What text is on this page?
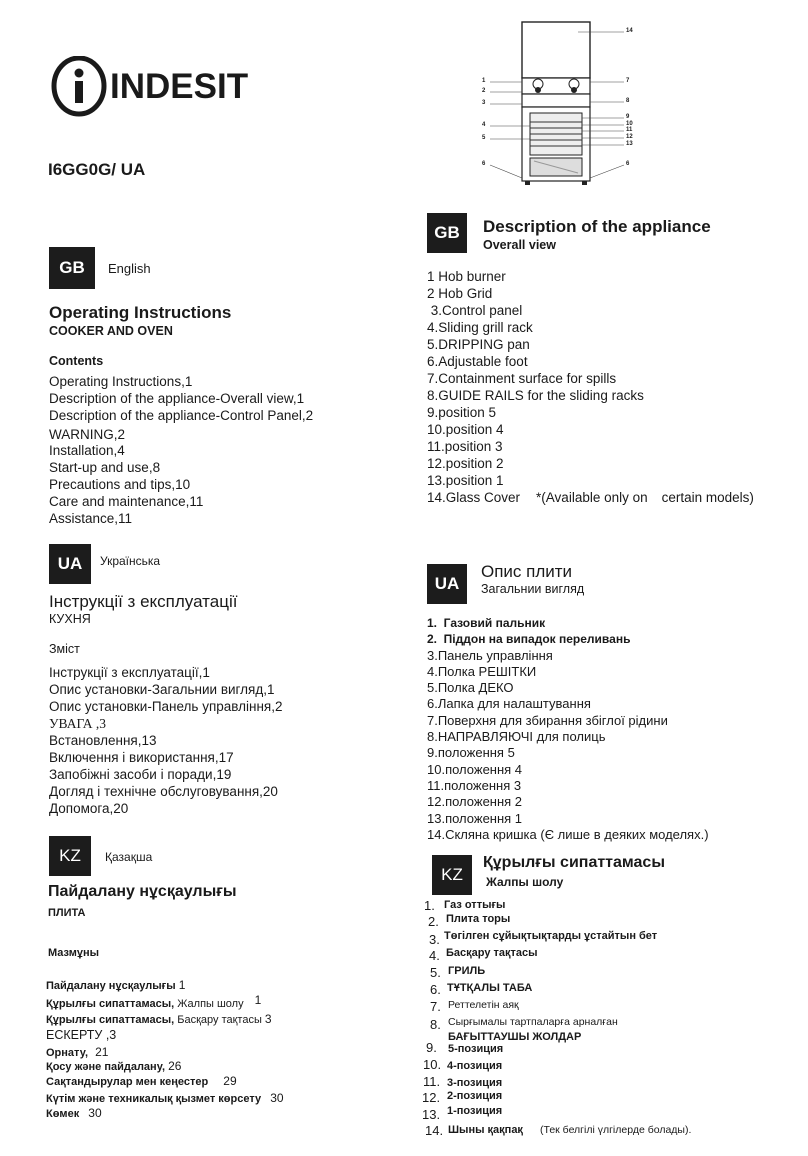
INDESIT
I6GG0G/ UA
GB	English
Operating Instructions
COOKER AND OVEN
Contents
Operating Instructions,1
Description of the appliance-Overall view,1
Description of the appliance-Control Panel,2
WARNING,2
Installation,4
Start-up and use,8
Precautions and tips,10
Care and maintenance,11
Assistance,11
UA	Українська
Інструкції з експлуатації
КУХНЯ
Зміст
Інструкції з експлуатації,1
Опис установки-Загальнии вигляд,1
Опис установки-Панель управління,2
УВАГА ,3
Встановлення,13
Включення і використання,17
Запобіжні засоби і поради,19
Догляд і технічне обслуговування,20
Допомога,20
KZ	Қазақша
Пайдалану нұсқаулығы
ПЛИТА
Мазмұны
Пайдалану нұсқаулығы 1
Құрылғы сипаттамасы, Жалпы шолу 1
Құрылғы сипаттамасы, Басқару тақтасы 3
ЕСКЕРТУ ,3
Орнату, 21
Қосу және пайдалану, 26
Сақтандырулар мен кеңестер 29
Күтім және техникалық қызмет көрсету 30
Көмек 30
14
1
2
3
4
5
6
7
8
9
10
11
12
13
6
GB	Description of the appliance
Overall view
1 Hob burner
2 Hob Grid
3.Control panel
4.Sliding grill rack
5.DRIPPING pan
6.Adjustable foot
7.Containment surface for spills
8.GUIDE RAILS for the sliding racks
9.position 5
10.position 4
11.position 3
12.position 2
13.position 1
14.Glass Cover *(Available only on certain models)
UA
Опис плити
Загальнии вигляд
1.  Газовий пальник
2.  Піддон на випадок переливань
3.Панель управління
4.Полка РЕШІТКИ
5.Полка ДЕКО
6.Лапка для налаштування
7.Поверхня для збирання збіглої рідини
8.НАПРАВЛЯЮЧІ для полиць
9.положення 5
10.положення 4
11.положення 3
12.положення 2
13.положення 1
14.Скляна кришка (Є лише в деяких моделях.)
KZ
Құрылғы сипаттамасы
Жалпы шолу
1. Газ оттығы
2. Плита торы
3. Төгілген сұйықтықтарды ұстайтын бет
4. Басқару тақтасы
5. ГРИЛЬ
6. ТҰТҚАЛЫ ТАБА
7. Реттелетін аяқ
8. Сырғымалы тартпаларға арналған
БАҒЫТТАУШЫ ЖОЛДАР
9. 5-позиция
10. 4-позиция
11. 3-позиция
12. 2-позиция
13. 1-позиция
14. Шыны қақпақ (Тек белгілі үлгілерде болады).
